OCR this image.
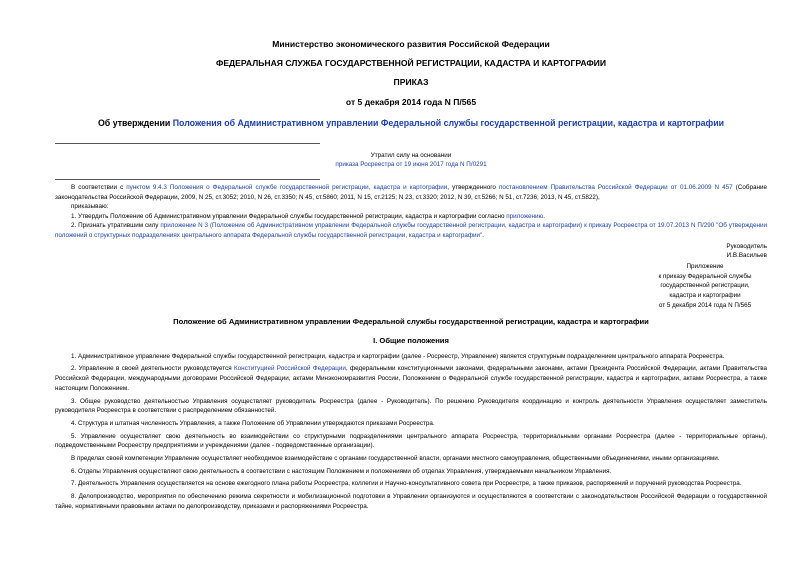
Министерство экономического развития Российской Федерации
ФЕДЕРАЛЬНАЯ СЛУЖБА ГОСУДАРСТВЕННОЙ РЕГИСТРАЦИИ, КАДАСТРА И КАРТОГРАФИИ
ПРИКАЗ
от 5 декабря 2014 года N П/565
Об утверждении Положения об Административном управлении Федеральной службы государственной регистрации, кадастра и картографии
Утратил силу на основании
приказа Росреестра от 19 июня 2017 года N П/0291

В соответствии с пунктом 9.4.3 Положения о Федеральной службе государственной регистрации, кадастра и картографии, утвержденного постановлением Правительства Российской Федерации от 01.06.2009 N 457 (Собрание законодательства Российской Федерации, 2009, N 25, ст.3052; 2010, N 26, ст.3350; N 45, ст.5860; 2011, N 15, ст.2125; N 23, ст.3320; 2012, N 39, ст.5266; N 51, ст.7236; 2013, N 45, ст.5822),

приказываю:

1. Утвердить Положение об Административном управлении Федеральной службы государственной регистрации, кадастра и картографии согласно приложению.

2. Признать утратившим силу приложение N 3 (Положение об Административном управлении Федеральной службы государственной регистрации, кадастра и картографии) к приказу Росреестра от 19.07.2013 N П/290 "Об утверждении положений о структурных подразделениях центрального аппарата Федеральной службы государственной регистрации, кадастра и картографии".

Руководитель

И.В.Васильев

Приложение
к приказу Федеральной службы
государственной регистрации,
кадастра и картографии
от 5 декабря 2014 года N П/565
Положение об Административном управлении Федеральной службы государственной регистрации, кадастра и картографии
I. Общие положения

1. Административное управление Федеральной службы государственной регистрации, кадастра и картографии (далее - Росреестр, Управление) является структурным подразделением центрального аппарата Росреестра.

2. Управление в своей деятельности руководствуется Конституцией Российской Федерации, федеральными конституционными законами, федеральными законами, актами Президента Российской Федерации, актами Правительства Российской Федерации, международными договорами Российской Федерации, актами Минэкономразвития России, Положением о Федеральной службе государственной регистрации, кадастра и картографии, актами Росреестра, а также настоящим Положением.

3. Общее руководство деятельностью Управления осуществляет руководитель Росреестра (далее - Руководитель). По решению Руководителя координацию и контроль деятельности Управления осуществляет заместитель руководителя Росреестра в соответствии с распределением обязанностей.

4. Структура и штатная численность Управления, а также Положение об Управлении утверждаются приказами Росреестра.

5. Управление осуществляет свою деятельность во взаимодействии со структурными подразделениями центрального аппарата Росреестра, территориальными органами Росреестра (далее - территориальные органы), подведомственными Росреестру предприятиями и учреждениями (далее - подведомственные организации).

В пределах своей компетенции Управление осуществляет необходимое взаимодействие с органами государственной власти, органами местного самоуправления, общественными объединениями, иными организациями.

6. Отделы Управления осуществляют свою деятельность в соответствии с настоящим Положением и положениями об отделах Управления, утверждаемыми начальником Управления.

7. Деятельность Управления осуществляется на основе ежегодного плана работы Росреестра, коллегии и Научно-консультативного совета при Росреестре, а также приказов, распоряжений и поручений руководства Росреестра.

8. Делопроизводство, мероприятия по обеспечению режима секретности и мобилизационной подготовки в Управлении организуются и осуществляются в соответствии с законодательством Российской Федерации о государственной тайне, нормативными правовыми актами по делопроизводству, приказами и распоряжениями Росреестра.
